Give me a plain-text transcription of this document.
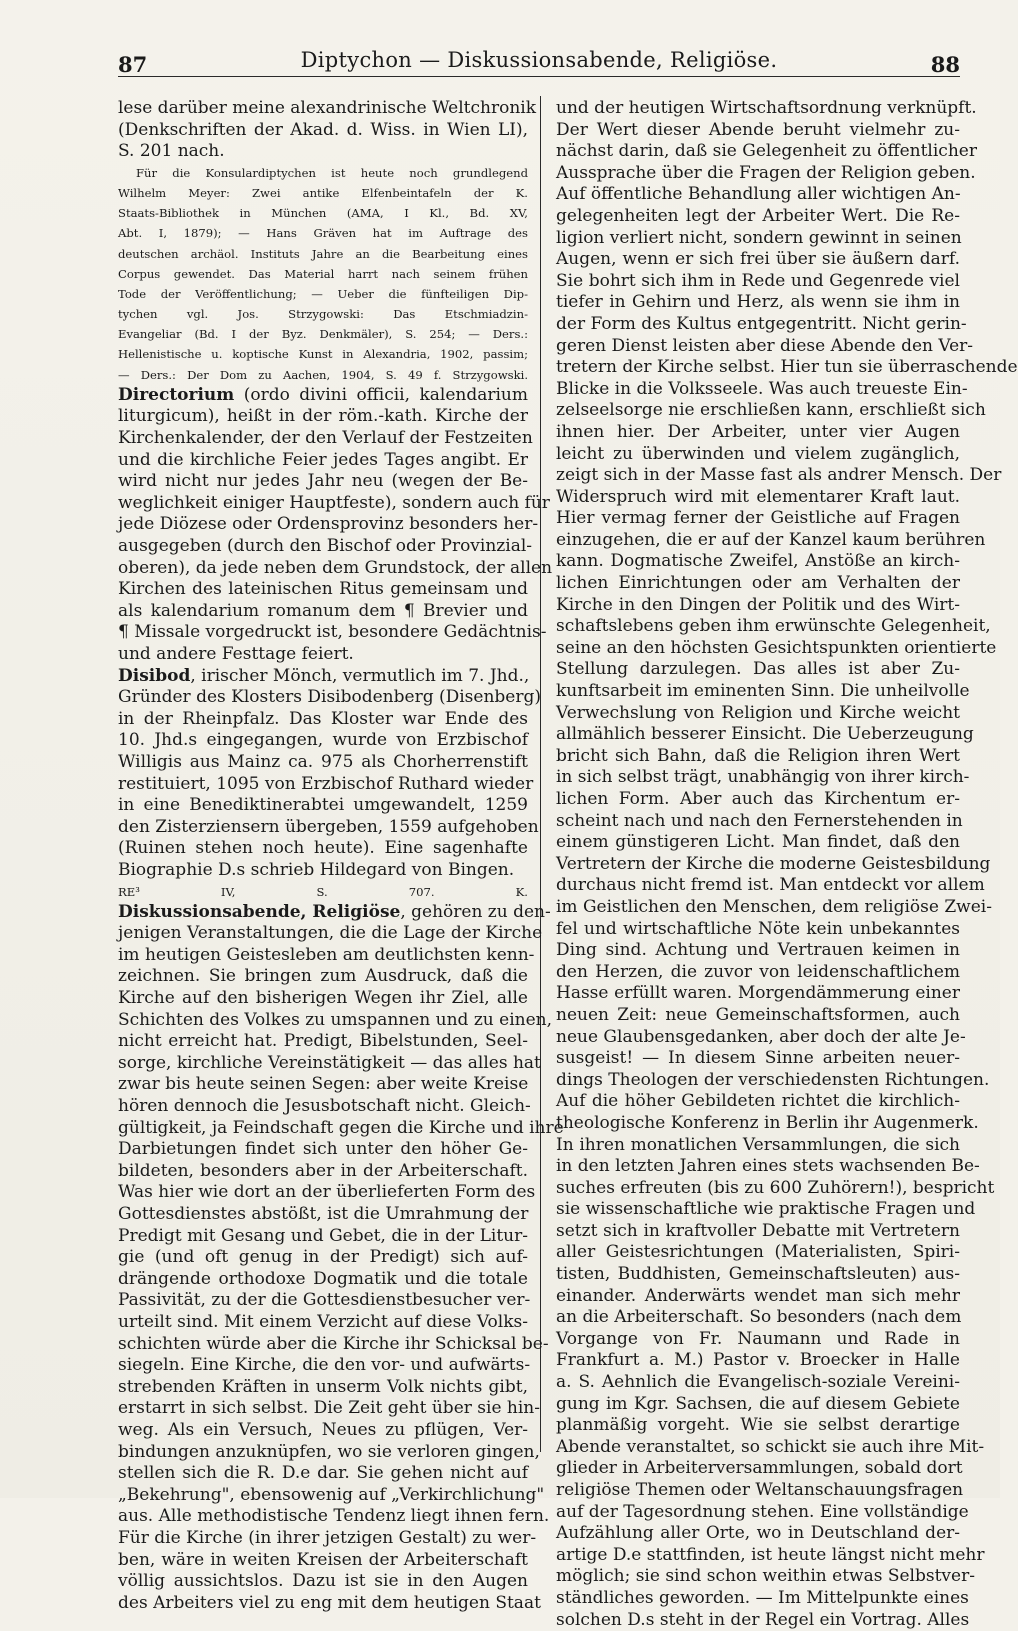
87	Diptychon — Diskussionsabende, Religiöse.	88
lese darüber meine alexandrinische Weltchronik
(Denkschriften der Akad. d. Wiss. in Wien LI),
S. 201 nach.
Für die Konsulardiptychen ist heute noch grundlegend
Wilhelm Meyer: Zwei antike Elfenbeintafeln der K.
Staats-Bibliothek in München (AMA, I Kl., Bd. XV,
Abt. I, 1879); — Hans Gräven hat im Auftrage des
deutschen archäol. Instituts Jahre an die Bearbeitung eines
Corpus gewendet. Das Material harrt nach seinem frühen
Tode der Veröffentlichung; — Ueber die fünfteiligen Dip-
tychen vgl. Jos. Strzygowski: Das Etschmiadzin-
Evangeliar (Bd. I der Byz. Denkmäler), S. 254; — Ders.:
Hellenistische u. koptische Kunst in Alexandria, 1902, passim;
— Ders.: Der Dom zu Aachen, 1904, S. 49 f. Strzygowski.
Directorium (ordo divini officii, kalendarium
liturgicum), heißt in der röm.-kath. Kirche der
Kirchenkalender, der den Verlauf der Festzeiten
und die kirchliche Feier jedes Tages angibt. Er
wird nicht nur jedes Jahr neu (wegen der Be-
weglichkeit einiger Hauptfeste), sondern auch für
jede Diözese oder Ordensprovinz besonders her-
ausgegeben (durch den Bischof oder Provinzial-
oberen), da jede neben dem Grundstock, der allen
Kirchen des lateinischen Ritus gemeinsam und
als kalendarium romanum dem ¶ Brevier und
¶ Missale vorgedruckt ist, besondere Gedächtnis-
und andere Festtage feiert.
Disibod, irischer Mönch, vermutlich im 7. Jhd.,
Gründer des Klosters Disibodenberg (Disenberg)
in der Rheinpfalz. Das Kloster war Ende des
10. Jhd.s eingegangen, wurde von Erzbischof
Willigis aus Mainz ca. 975 als Chorherrenstift
restituiert, 1095 von Erzbischof Ruthard wieder
in eine Benediktinerabtei umgewandelt, 1259
den Zisterziensern übergeben, 1559 aufgehoben
(Ruinen stehen noch heute). Eine sagenhafte
Biographie D.s schrieb Hildegard von Bingen.
RE³ IV, S. 707. K.
Diskussionsabende, Religiöse, gehören zu den-
jenigen Veranstaltungen, die die Lage der Kirche
im heutigen Geistesleben am deutlichsten kenn-
zeichnen. Sie bringen zum Ausdruck, daß die
Kirche auf den bisherigen Wegen ihr Ziel, alle
Schichten des Volkes zu umspannen und zu einen,
nicht erreicht hat. Predigt, Bibelstunden, Seel-
sorge, kirchliche Vereinstätigkeit — das alles hat
zwar bis heute seinen Segen: aber weite Kreise
hören dennoch die Jesusbotschaft nicht. Gleich-
gültigkeit, ja Feindschaft gegen die Kirche und ihre
Darbietungen findet sich unter den höher Ge-
bildeten, besonders aber in der Arbeiterschaft.
Was hier wie dort an der überlieferten Form des
Gottesdienstes abstößt, ist die Umrahmung der
Predigt mit Gesang und Gebet, die in der Litur-
gie (und oft genug in der Predigt) sich auf-
drängende orthodoxe Dogmatik und die totale
Passivität, zu der die Gottesdienstbesucher ver-
urteilt sind. Mit einem Verzicht auf diese Volks-
schichten würde aber die Kirche ihr Schicksal be-
siegeln. Eine Kirche, die den vor- und aufwärts-
strebenden Kräften in unserm Volk nichts gibt,
erstarrt in sich selbst. Die Zeit geht über sie hin-
weg. Als ein Versuch, Neues zu pflügen, Ver-
bindungen anzuknüpfen, wo sie verloren gingen,
stellen sich die R. D.e dar. Sie gehen nicht auf
„Bekehrung", ebensowenig auf „Verkirchlichung"
aus. Alle methodistische Tendenz liegt ihnen fern.
Für die Kirche (in ihrer jetzigen Gestalt) zu wer-
ben, wäre in weiten Kreisen der Arbeiterschaft
völlig aussichtslos. Dazu ist sie in den Augen
des Arbeiters viel zu eng mit dem heutigen Staat
und der heutigen Wirtschaftsordnung verknüpft.
Der Wert dieser Abende beruht vielmehr zu-
nächst darin, daß sie Gelegenheit zu öffentlicher
Aussprache über die Fragen der Religion geben.
Auf öffentliche Behandlung aller wichtigen An-
gelegenheiten legt der Arbeiter Wert. Die Re-
ligion verliert nicht, sondern gewinnt in seinen
Augen, wenn er sich frei über sie äußern darf.
Sie bohrt sich ihm in Rede und Gegenrede viel
tiefer in Gehirn und Herz, als wenn sie ihm in
der Form des Kultus entgegentritt. Nicht gerin-
geren Dienst leisten aber diese Abende den Ver-
tretern der Kirche selbst. Hier tun sie überraschende
Blicke in die Volksseele. Was auch treueste Ein-
zelseelsorge nie erschließen kann, erschließt sich
ihnen hier. Der Arbeiter, unter vier Augen
leicht zu überwinden und vielem zugänglich,
zeigt sich in der Masse fast als andrer Mensch. Der
Widerspruch wird mit elementarer Kraft laut.
Hier vermag ferner der Geistliche auf Fragen
einzugehen, die er auf der Kanzel kaum berühren
kann. Dogmatische Zweifel, Anstöße an kirch-
lichen Einrichtungen oder am Verhalten der
Kirche in den Dingen der Politik und des Wirt-
schaftslebens geben ihm erwünschte Gelegenheit,
seine an den höchsten Gesichtspunkten orientierte
Stellung darzulegen. Das alles ist aber Zu-
kunftsarbeit im eminenten Sinn. Die unheilvolle
Verwechslung von Religion und Kirche weicht
allmählich besserer Einsicht. Die Ueberzeugung
bricht sich Bahn, daß die Religion ihren Wert
in sich selbst trägt, unabhängig von ihrer kirch-
lichen Form. Aber auch das Kirchentum er-
scheint nach und nach den Fernerstehenden in
einem günstigeren Licht. Man findet, daß den
Vertretern der Kirche die moderne Geistesbildung
durchaus nicht fremd ist. Man entdeckt vor allem
im Geistlichen den Menschen, dem religiöse Zwei-
fel und wirtschaftliche Nöte kein unbekanntes
Ding sind. Achtung und Vertrauen keimen in
den Herzen, die zuvor von leidenschaftlichem
Hasse erfüllt waren. Morgendämmerung einer
neuen Zeit: neue Gemeinschaftsformen, auch
neue Glaubensgedanken, aber doch der alte Je-
susgeist! — In diesem Sinne arbeiten neuer-
dings Theologen der verschiedensten Richtungen.
Auf die höher Gebildeten richtet die kirchlich-
theologische Konferenz in Berlin ihr Augenmerk.
In ihren monatlichen Versammlungen, die sich
in den letzten Jahren eines stets wachsenden Be-
suches erfreuten (bis zu 600 Zuhörern!), bespricht
sie wissenschaftliche wie praktische Fragen und
setzt sich in kraftvoller Debatte mit Vertretern
aller Geistesrichtungen (Materialisten, Spiri-
tisten, Buddhisten, Gemeinschaftsleuten) aus-
einander. Anderwärts wendet man sich mehr
an die Arbeiterschaft. So besonders (nach dem
Vorgange von Fr. Naumann und Rade in
Frankfurt a. M.) Pastor v. Broecker in Halle
a. S. Aehnlich die Evangelisch-soziale Vereini-
gung im Kgr. Sachsen, die auf diesem Gebiete
planmäßig vorgeht. Wie sie selbst derartige
Abende veranstaltet, so schickt sie auch ihre Mit-
glieder in Arbeiterversammlungen, sobald dort
religiöse Themen oder Weltanschauungsfragen
auf der Tagesordnung stehen. Eine vollständige
Aufzählung aller Orte, wo in Deutschland der-
artige D.e stattfinden, ist heute längst nicht mehr
möglich; sie sind schon weithin etwas Selbstver-
ständliches geworden. — Im Mittelpunkte eines
solchen D.s steht in der Regel ein Vortrag. Alles
